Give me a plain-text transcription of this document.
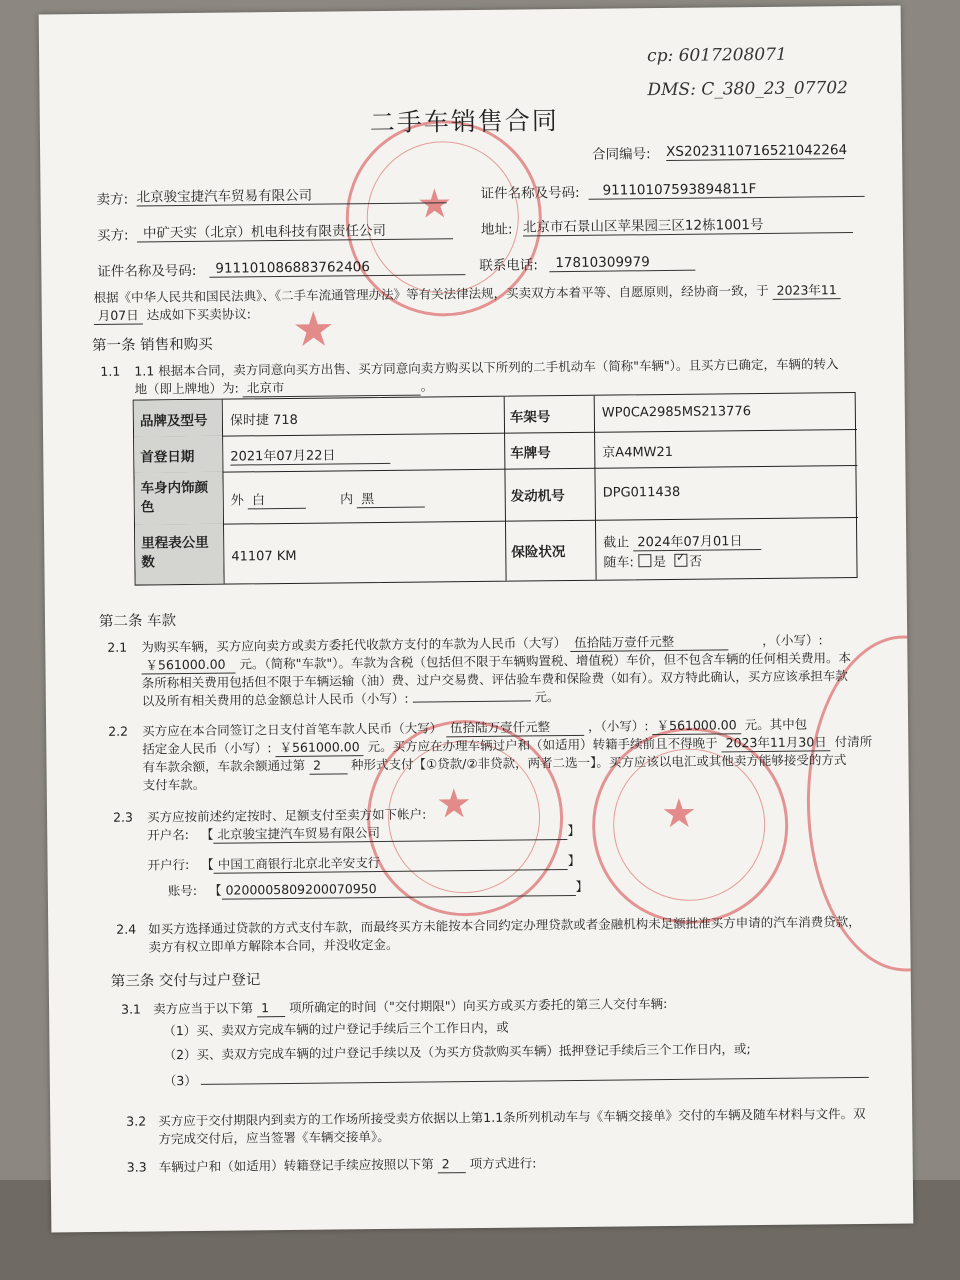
cp: 6017208071
DMS: C_380_23_07702
★
★
★	★
二手车销售合同
合同编号: XS2023110716521042264
卖方: 北京骏宝捷汽车贸易有限公司	证件名称及号码:	91110107593894811F
买方:	中矿天实（北京）机电科技有限责任公司	地址: 北京市石景山区苹果园三区12栋1001号
证件名称及号码:	911101086883762406	联系电话:	17810309979
根据《中华人民共和国民法典》、《二手车流通管理办法》等有关法律法规，买卖双方本着平等、自愿原则，经协商一致，于 2023年11
月07日 达成如下买卖协议:
第一条 销售和购买
1.1 1.1 根据本合同，卖方同意向买方出售、买方同意向卖方购买以下所列的二手机动车（简称"车辆"）。且买方已确定，车辆的转入
地（即上牌地）为: 北京市	。
品牌及型号	保时捷 718	车架号	WP0CA2985MS213776
首登日期	2021年07月22日	车牌号	京A4MW21
车身内饰颜
色	外 白	内 黑	发动机号	DPG011438
里程表公里
数	41107 KM	保险状况
截止 2024年07月01日
随车: 是 ✓ 否
第二条 车款
2.1 为购买车辆，买方应向卖方或卖方委托代收款方支付的车款为人民币（大写） 伍拾陆万壹仟元整	，（小写）:
￥561000.00 元。（简称"车款"）。车款为含税（包括但不限于车辆购置税、增值税）车价，但不包含车辆的任何相关费用。本
条所称相关费用包括但不限于车辆运输（油）费、过户交易费、评估验车费和保险费（如有）。双方特此确认，买方应该承担车款
以及所有相关费用的总金额总计人民币（小写）:	元。
2.2 买方应在本合同签订之日支付首笔车款人民币（大写） 伍拾陆万壹仟元整	，（小写）: ￥561000.00 元。其中包
括定金人民币（小写）: ￥561000.00 元。买方应在办理车辆过户和（如适用）转籍手续前且不得晚于 2023年11月30日 付清所
有车款余额，车款余额通过第 2 种形式支付【①贷款/②非贷款，两者二选一】。买方应该以电汇或其他卖方能够接受的方式
支付车款。
2.3 买方应按前述约定按时、足额支付至卖方如下帐户:
开户名: 【 北京骏宝捷汽车贸易有限公司	】
开户行: 【 中国工商银行北京北辛安支行	】
账号: 【 0200005809200070950	】
2.4 如买方选择通过贷款的方式支付车款，而最终买方未能按本合同约定办理贷款或者金融机构未足额批准买方申请的汽车消费贷款，
卖方有权立即单方解除本合同，并没收定金。
第三条 交付与过户登记
3.1 卖方应当于以下第 1 项所确定的时间（"交付期限"）向买方或买方委托的第三人交付车辆:
（1）买、卖双方完成车辆的过户登记手续后三个工作日内，或
（2）买、卖双方完成车辆的过户登记手续以及（为买方贷款购买车辆）抵押登记手续后三个工作日内，或;
（3）
3.2 买方应于交付期限内到卖方的工作场所接受卖方依据以上第1.1条所列机动车与《车辆交接单》交付的车辆及随车材料与文件。双
方完成交付后，应当签署《车辆交接单》。
3.3 车辆过户和（如适用）转籍登记手续应按照以下第 2 项方式进行:
